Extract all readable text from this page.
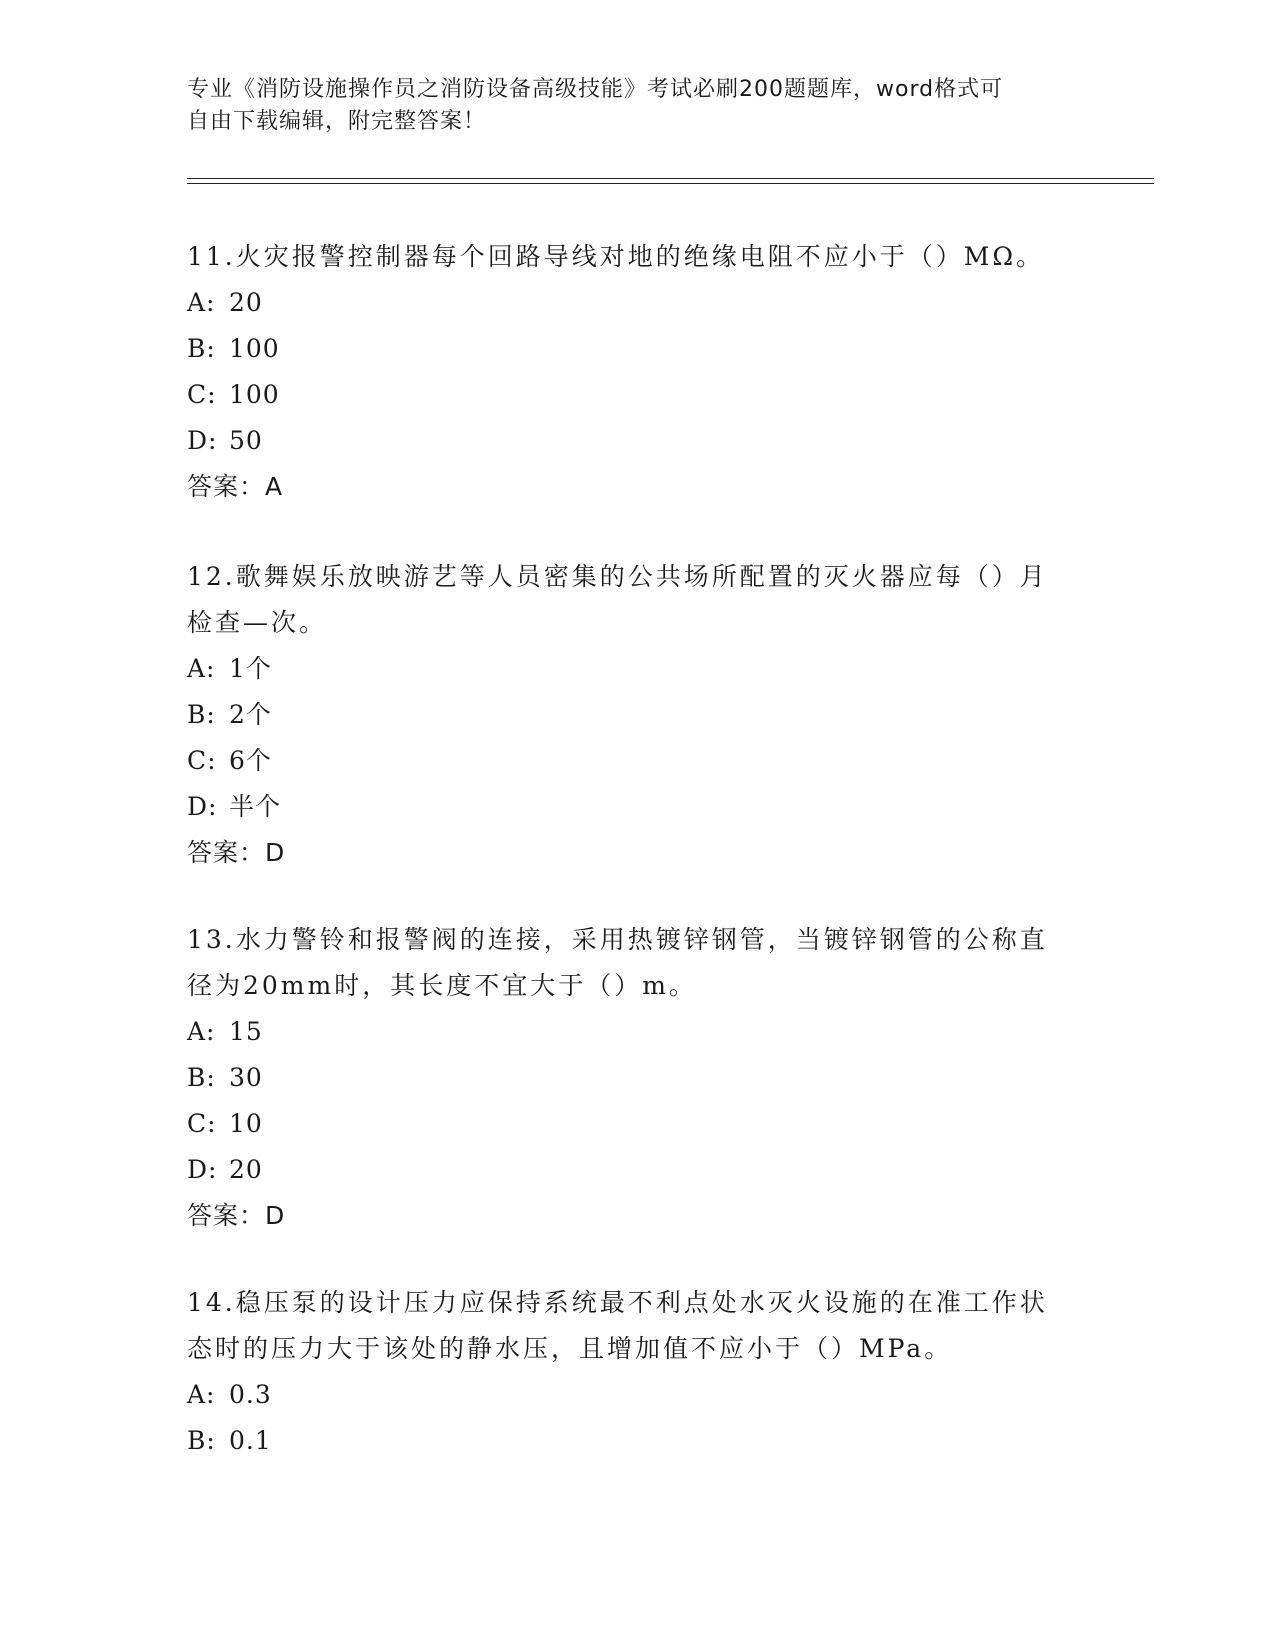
专业《消防设施操作员之消防设备高级技能》考试必刷200题题库，word格式可
自由下载编辑，附完整答案！
11.火灾报警控制器每个回路导线对地的绝缘电阻不应小于（）MΩ。
A: 20
B: 100
C: 100
D: 50
答案：A
12.歌舞娱乐放映游艺等人员密集的公共场所配置的灭火器应每（）月
检查—次。
A: 1个
B: 2个
C: 6个
D: 半个
答案：D
13.水力警铃和报警阀的连接，采用热镀锌钢管，当镀锌钢管的公称直
径为20mm时，其长度不宜大于（）m。
A: 15
B: 30
C: 10
D: 20
答案：D
14.稳压泵的设计压力应保持系统最不利点处水灭火设施的在准工作状
态时的压力大于该处的静水压，且增加值不应小于（）MPa。
A: 0.3
B: 0.1
